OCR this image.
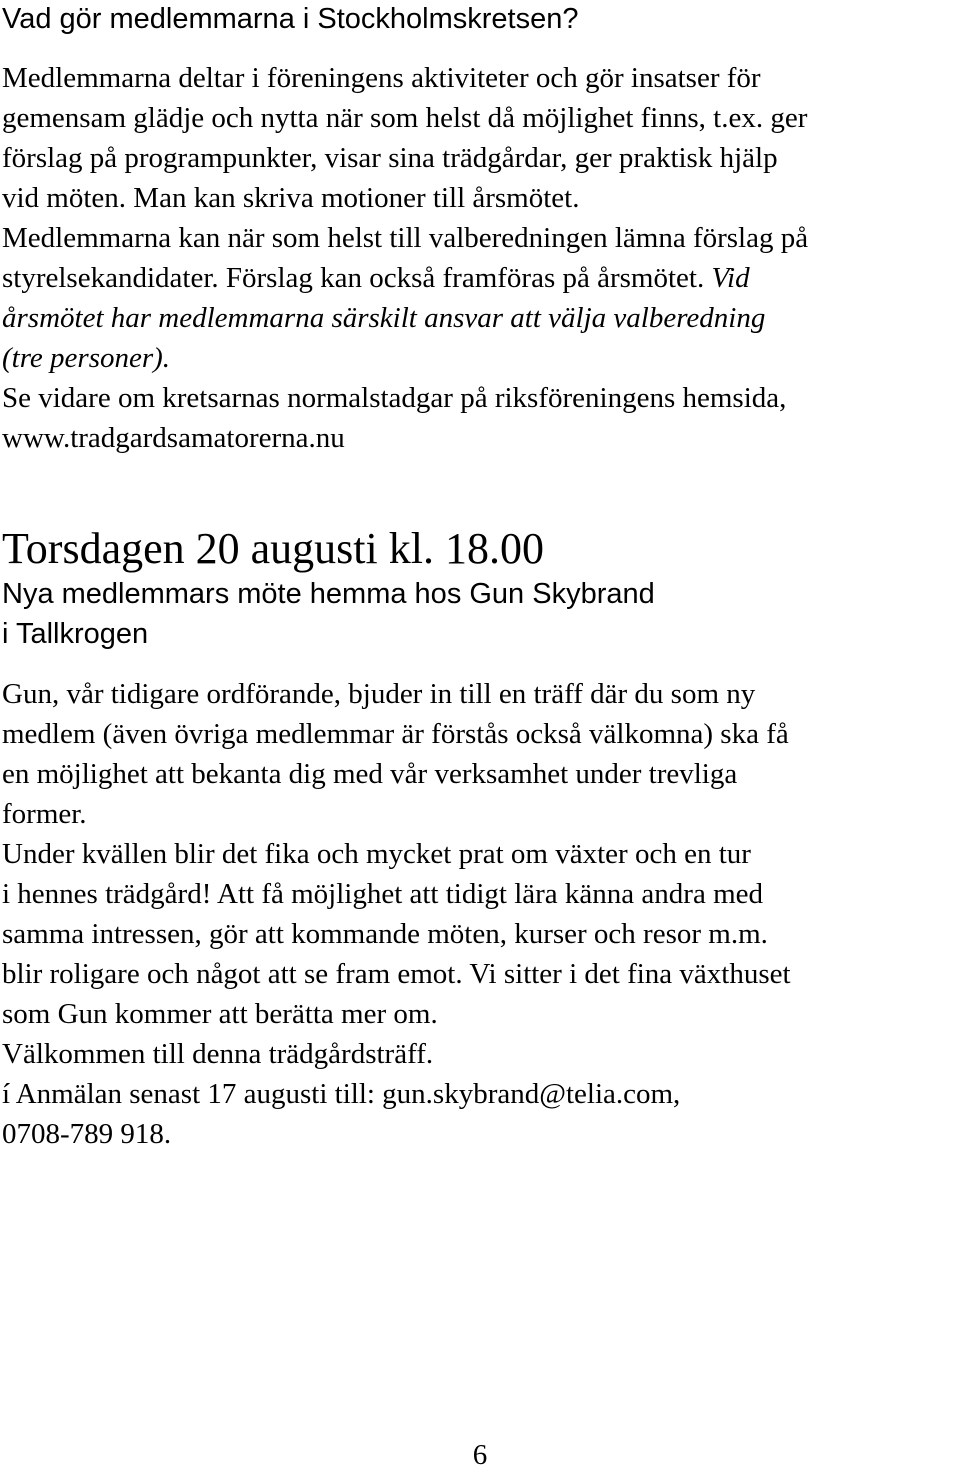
Vad gör medlemmarna i Stockholmskretsen?
Medlemmarna deltar i föreningens aktiviteter och gör insatser för
gemensam glädje och nytta när som helst då möjlighet finns, t.ex. ger
förslag på programpunkter, visar sina trädgårdar, ger praktisk hjälp
vid möten. Man kan skriva motioner till årsmötet.
Medlemmarna kan när som helst till valberedningen lämna förslag på
styrelsekandidater. Förslag kan också framföras på årsmötet. Vid
årsmötet har medlemmarna särskilt ansvar att välja valberedning
(tre personer).
Se vidare om kretsarnas normalstadgar på riksföreningens hemsida,
www.tradgardsamatorerna.nu
Torsdagen 20 augusti kl. 18.00
Nya medlemmars möte hemma hos Gun Skybrand
i Tallkrogen
Gun, vår tidigare ordförande, bjuder in till en träff där du som ny
medlem (även övriga medlemmar är förstås också välkomna) ska få
en möjlighet att bekanta dig med vår verksamhet under trevliga
former.
Under kvällen blir det fika och mycket prat om växter och en tur
i hennes trädgård! Att få möjlighet att tidigt lära känna andra med
samma intressen, gör att kommande möten, kurser och resor m.m.
blir roligare och något att se fram emot. Vi sitter i det fina växthuset
som Gun kommer att berätta mer om.
Välkommen till denna trädgårdsträff.
í Anmälan senast 17 augusti till: gun.skybrand@telia.com,
0708-789 918.
6
